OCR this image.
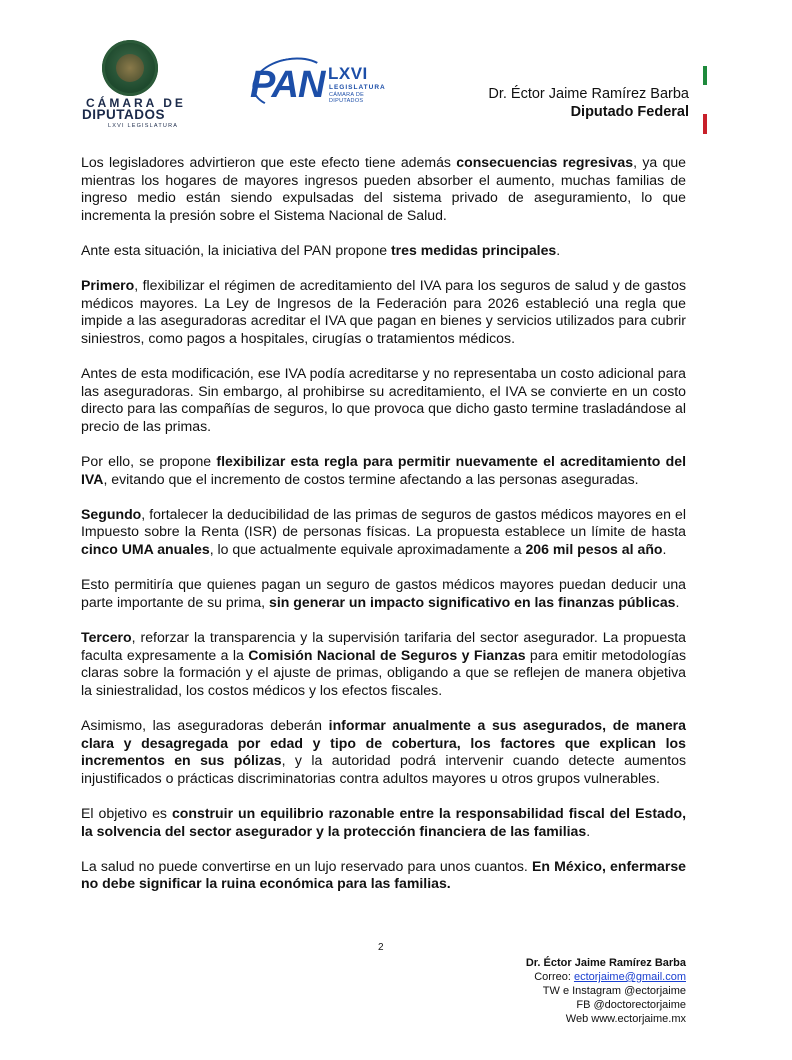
CÁMARA DE
DIPUTADOS
LXVI LEGISLATURA
PAN LXVI
LEGISLATURA
CÁMARA DE DIPUTADOS	Dr. Éctor Jaime Ramírez Barba
Diputado Federal

Los legisladores advirtieron que este efecto tiene además consecuencias regresivas, ya que mientras los hogares de mayores ingresos pueden absorber el aumento, muchas familias de ingreso medio están siendo expulsadas del sistema privado de aseguramiento, lo que incrementa la presión sobre el Sistema Nacional de Salud.

Ante esta situación, la iniciativa del PAN propone tres medidas principales.

Primero, flexibilizar el régimen de acreditamiento del IVA para los seguros de salud y de gastos médicos mayores. La Ley de Ingresos de la Federación para 2026 estableció una regla que impide a las aseguradoras acreditar el IVA que pagan en bienes y servicios utilizados para cubrir siniestros, como pagos a hospitales, cirugías o tratamientos médicos.

Antes de esta modificación, ese IVA podía acreditarse y no representaba un costo adicional para las aseguradoras. Sin embargo, al prohibirse su acreditamiento, el IVA se convierte en un costo directo para las compañías de seguros, lo que provoca que dicho gasto termine trasladándose al precio de las primas.

Por ello, se propone flexibilizar esta regla para permitir nuevamente el acreditamiento del IVA, evitando que el incremento de costos termine afectando a las personas aseguradas.

Segundo, fortalecer la deducibilidad de las primas de seguros de gastos médicos mayores en el Impuesto sobre la Renta (ISR) de personas físicas. La propuesta establece un límite de hasta cinco UMA anuales, lo que actualmente equivale aproximadamente a 206 mil pesos al año.

Esto permitiría que quienes pagan un seguro de gastos médicos mayores puedan deducir una parte importante de su prima, sin generar un impacto significativo en las finanzas públicas.

Tercero, reforzar la transparencia y la supervisión tarifaria del sector asegurador. La propuesta faculta expresamente a la Comisión Nacional de Seguros y Fianzas para emitir metodologías claras sobre la formación y el ajuste de primas, obligando a que se reflejen de manera objetiva la siniestralidad, los costos médicos y los efectos fiscales.

Asimismo, las aseguradoras deberán informar anualmente a sus asegurados, de manera clara y desagregada por edad y tipo de cobertura, los factores que explican los incrementos en sus pólizas, y la autoridad podrá intervenir cuando detecte aumentos injustificados o prácticas discriminatorias contra adultos mayores u otros grupos vulnerables.

El objetivo es construir un equilibrio razonable entre la responsabilidad fiscal del Estado, la solvencia del sector asegurador y la protección financiera de las familias.

La salud no puede convertirse en un lujo reservado para unos cuantos. En México, enfermarse no debe significar la ruina económica para las familias.

2
Dr. Éctor Jaime Ramírez Barba
Correo: ectorjaime@gmail.com
TW e Instagram @ectorjaime
FB @doctorectorjaime
Web www.ectorjaime.mx
